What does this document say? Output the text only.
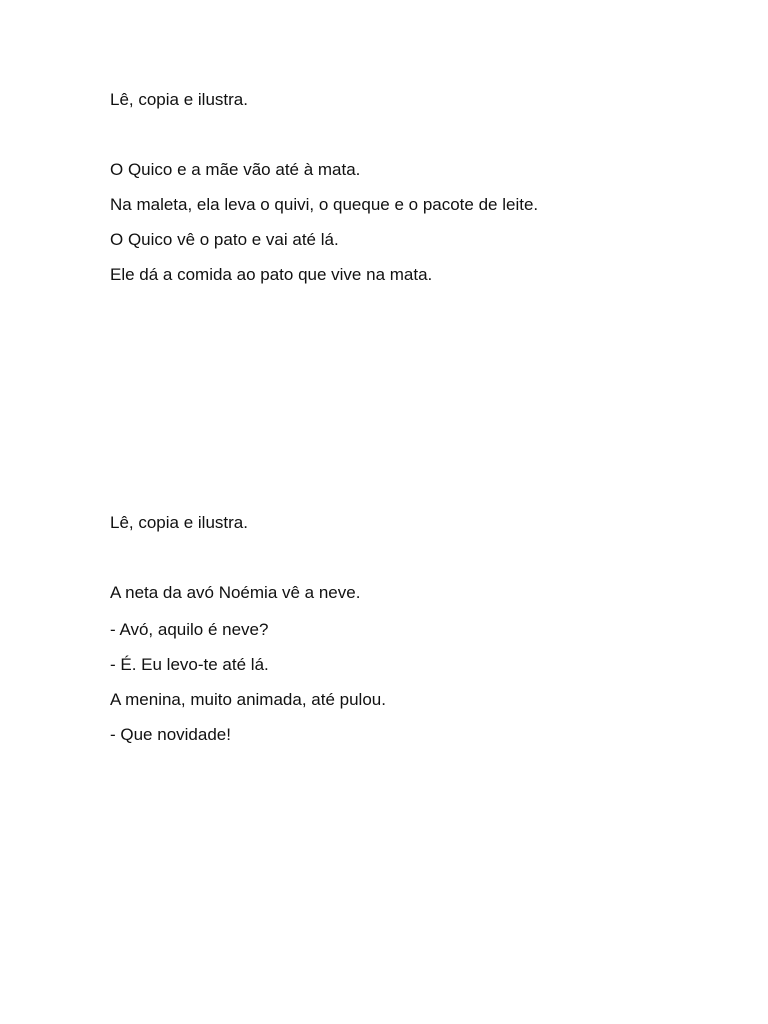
Lê, copia e ilustra.
O Quico e a mãe vão até à mata.
Na maleta, ela leva o quivi, o queque e o pacote de leite.
O Quico vê o pato e vai até lá.
Ele dá a comida ao pato que vive na mata.
Lê, copia e ilustra.
A neta da avó Noémia vê a neve.
- Avó, aquilo é neve?
- É. Eu levo-te até lá.
A menina, muito animada, até pulou.
- Que novidade!
